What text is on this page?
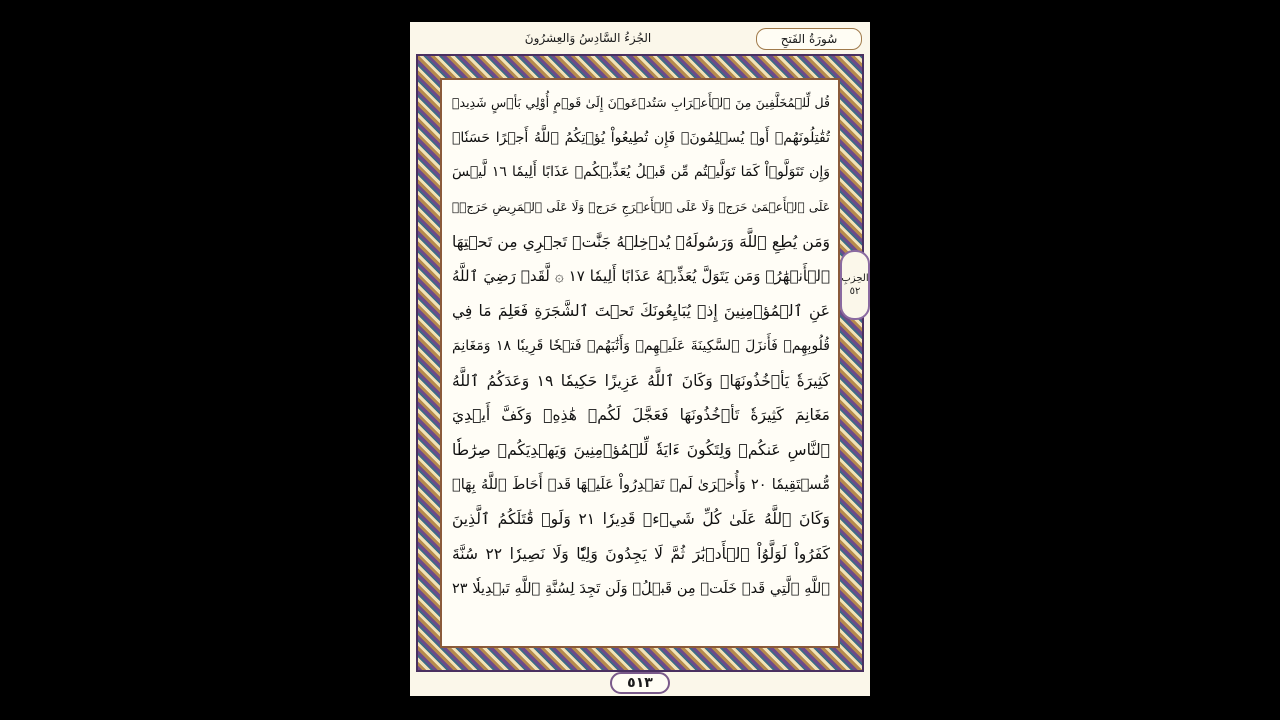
الجُزءُ السَّادِسُ وَالعِشرُونَ	سُورَةُ الفَتحِ
قُل لِّلۡمُخَلَّفِينَ مِنَ ٱلۡأَعۡرَابِ سَتُدۡعَوۡنَ إِلَىٰ قَوۡمٍ أُوْلِي بَأۡسٍ شَدِيدٖ
تُقَٰتِلُونَهُمۡ أَوۡ يُسۡلِمُونَۖ فَإِن تُطِيعُواْ يُؤۡتِكُمُ ٱللَّهُ أَجۡرًا حَسَنٗاۖ
وَإِن تَتَوَلَّوۡاْ كَمَا تَوَلَّيۡتُم مِّن قَبۡلُ يُعَذِّبۡكُمۡ عَذَابًا أَلِيمٗا ١٦ لَّيۡسَ
عَلَى ٱلۡأَعۡمَىٰ حَرَجٞ وَلَا عَلَى ٱلۡأَعۡرَجِ حَرَجٞ وَلَا عَلَى ٱلۡمَرِيضِ حَرَجٞۗ
وَمَن يُطِعِ ٱللَّهَ وَرَسُولَهُۥ يُدۡخِلۡهُ جَنَّٰتٖ تَجۡرِي مِن تَحۡتِهَا
ٱلۡأَنۡهَٰرُۖ وَمَن يَتَوَلَّ يُعَذِّبۡهُ عَذَابًا أَلِيمٗا ١٧ ۞ لَّقَدۡ رَضِيَ ٱللَّهُ
عَنِ ٱلۡمُؤۡمِنِينَ إِذۡ يُبَايِعُونَكَ تَحۡتَ ٱلشَّجَرَةِ فَعَلِمَ مَا فِي
قُلُوبِهِمۡ فَأَنزَلَ ٱلسَّكِينَةَ عَلَيۡهِمۡ وَأَثَٰبَهُمۡ فَتۡحٗا قَرِيبٗا ١٨ وَمَغَانِمَ
كَثِيرَةٗ يَأۡخُذُونَهَاۗ وَكَانَ ٱللَّهُ عَزِيزًا حَكِيمٗا ١٩ وَعَدَكُمُ ٱللَّهُ
مَغَانِمَ كَثِيرَةٗ تَأۡخُذُونَهَا فَعَجَّلَ لَكُمۡ هَٰذِهِۦ وَكَفَّ أَيۡدِيَ
ٱلنَّاسِ عَنكُمۡ وَلِتَكُونَ ءَايَةٗ لِّلۡمُؤۡمِنِينَ وَيَهۡدِيَكُمۡ صِرَٰطٗا
مُّسۡتَقِيمٗا ٢٠ وَأُخۡرَىٰ لَمۡ تَقۡدِرُواْ عَلَيۡهَا قَدۡ أَحَاطَ ٱللَّهُ بِهَاۚ
وَكَانَ ٱللَّهُ عَلَىٰ كُلِّ شَيۡءٖ قَدِيرٗا ٢١ وَلَوۡ قَٰتَلَكُمُ ٱلَّذِينَ
كَفَرُواْ لَوَلَّوُاْ ٱلۡأَدۡبَٰرَ ثُمَّ لَا يَجِدُونَ وَلِيّٗا وَلَا نَصِيرٗا ٢٢ سُنَّةَ
ٱللَّهِ ٱلَّتِي قَدۡ خَلَتۡ مِن قَبۡلُۖ وَلَن تَجِدَ لِسُنَّةِ ٱللَّهِ تَبۡدِيلٗا ٢٣
٥١٣
الحِزبِ
٥٢
